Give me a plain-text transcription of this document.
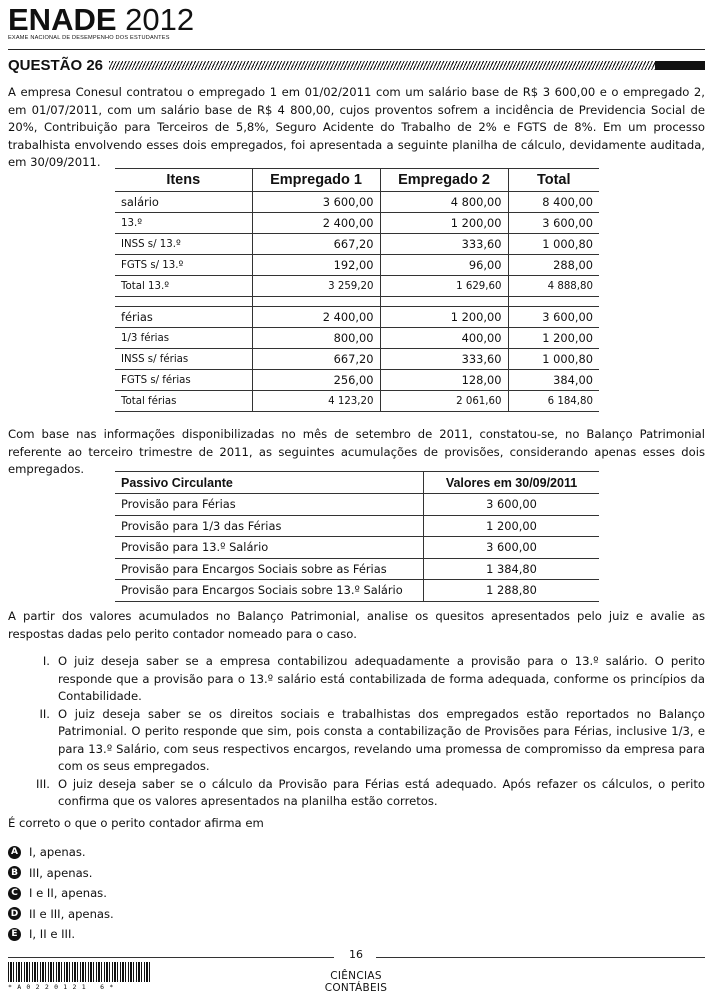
ENADE 2012
EXAME NACIONAL DE DESEMPENHO DOS ESTUDANTES
QUESTÃO 26
A empresa Conesul contratou o empregado 1 em 01/02/2011 com um salário base de R$ 3 600,00 e o empregado 2, em 01/07/2011, com um salário base de R$ 4 800,00, cujos proventos sofrem a incidência de Previdencia Social de 20%, Contribuição para Terceiros de 5,8%, Seguro Acidente do Trabalho de 2% e FGTS de 8%. Em um processo trabalhista envolvendo esses dois empregados, foi apresentada a seguinte planilha de cálculo, devidamente auditada, em 30/09/2011.
Itens	Empregado 1	Empregado 2	Total
salário	3 600,00	4 800,00	8 400,00
13.º	2 400,00	1 200,00	3 600,00
INSS s/ 13.º	667,20	333,60	1 000,80
FGTS s/ 13.º	192,00	96,00	288,00
Total 13.º	3 259,20	1 629,60	4 888,80

férias	2 400,00	1 200,00	3 600,00
1/3 férias	800,00	400,00	1 200,00
INSS s/ férias	667,20	333,60	1 000,80
FGTS s/ férias	256,00	128,00	384,00
Total férias	4 123,20	2 061,60	6 184,80
Com base nas informações disponibilizadas no mês de setembro de 2011, constatou-se, no Balanço Patrimonial referente ao terceiro trimestre de 2011, as seguintes acumulações de provisões, considerando apenas esses dois empregados.
Passivo Circulante	Valores em 30/09/2011
Provisão para Férias	3 600,00
Provisão para 1/3 das Férias	1 200,00
Provisão para 13.º Salário	3 600,00
Provisão para Encargos Sociais sobre as Férias	1 384,80
Provisão para Encargos Sociais sobre 13.º Salário	1 288,80
A partir dos valores acumulados no Balanço Patrimonial, analise os quesitos apresentados pelo juiz e avalie as respostas dadas pelo perito contador nomeado para o caso.
I. O juiz deseja saber se a empresa contabilizou adequadamente a provisão para o 13.º salário. O perito responde que a provisão para o 13.º salário está contabilizada de forma adequada, conforme os princípios da Contabilidade.
II. O juiz deseja saber se os direitos sociais e trabalhistas dos empregados estão reportados no Balanço Patrimonial. O perito responde que sim, pois consta a contabilização de Provisões para Férias, inclusive 1/3, e para 13.º Salário, com seus respectivos encargos, revelando uma promessa de compromisso da empresa para com os seus empregados.
III. O juiz deseja saber se o cálculo da Provisão para Férias está adequado. Após refazer os cálculos, o perito confirma que os valores apresentados na planilha estão corretos.
É correto o que o perito contador afirma em
A I, apenas.
B III, apenas.
C I e II, apenas.
D II e III, apenas.
E I, II e III.
16
*A0220121 6*
CIÊNCIAS CONTÁBEIS
